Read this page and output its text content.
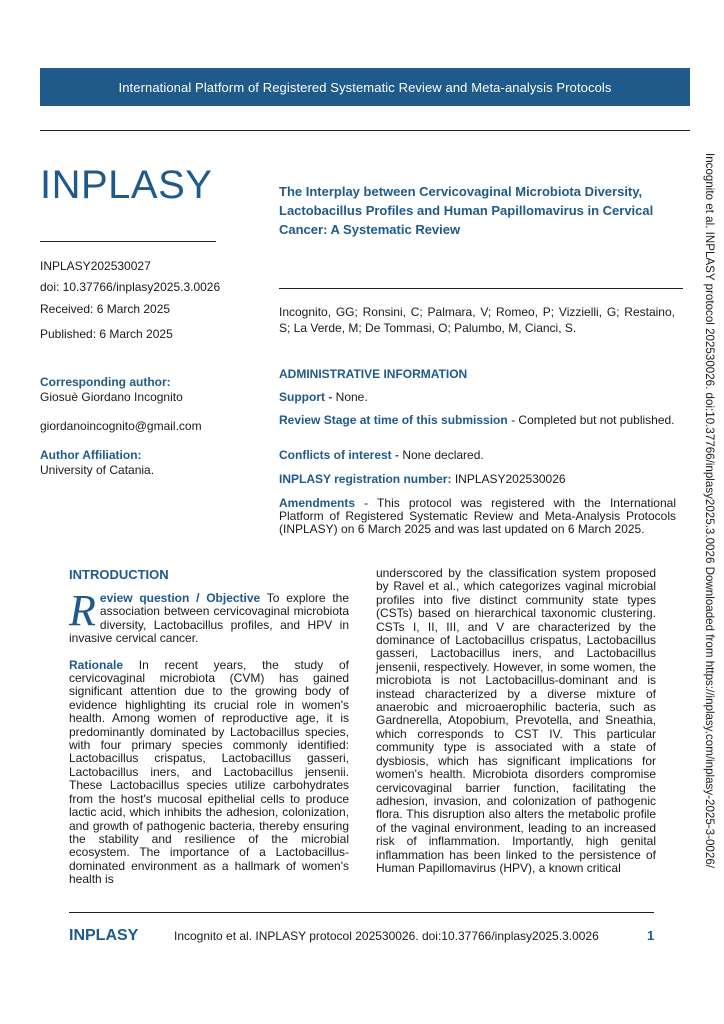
International Platform of Registered Systematic Review and Meta-analysis Protocols
INPLASY	The Interplay between Cervicovaginal Microbiota Diversity, Lactobacillus Profiles and Human Papillomavirus in Cervical Cancer: A Systematic Review
INPLASY202530027
doi: 10.37766/inplasy2025.3.0026
Received: 6 March 2025
Published: 6 March 2025
Incognito, GG; Ronsini, C; Palmara, V; Romeo, P; Vizzielli, G; Restaino, S; La Verde, M; De Tommasi, O; Palumbo, M, Cianci, S.
Corresponding author:
Giosuè Giordano Incognito
giordanoincognito@gmail.com
Author Affiliation:
University of Catania.
ADMINISTRATIVE INFORMATION
Support - None.
Review Stage at time of this submission - Completed but not published.
Conflicts of interest - None declared.
INPLASY registration number: INPLASY202530026
Amendments - This protocol was registered with the International Platform of Registered Systematic Review and Meta-Analysis Protocols (INPLASY) on 6 March 2025 and was last updated on 6 March 2025.	Incognito et al. INPLASY protocol 202530026. doi:10.37766/inplasy2025.3.0026 Downloaded from https://inplasy.com/inplasy-2025-3-0026/
INTRODUCTION
Review question / Objective To explore the association between cervicovaginal microbiota diversity, Lactobacillus profiles, and HPV in invasive cervical cancer.
Rationale In recent years, the study of cervicovaginal microbiota (CVM) has gained significant attention due to the growing body of evidence highlighting its crucial role in women's health. Among women of reproductive age, it is predominantly dominated by Lactobacillus species, with four primary species commonly identified: Lactobacillus crispatus, Lactobacillus gasseri, Lactobacillus iners, and Lactobacillus jensenii. These Lactobacillus species utilize carbohydrates from the host's mucosal epithelial cells to produce lactic acid, which inhibits the adhesion, colonization, and growth of pathogenic bacteria, thereby ensuring the stability and resilience of the microbial ecosystem. The importance of a Lactobacillus-dominated environment as a hallmark of women's health is
underscored by the classification system proposed by Ravel et al., which categorizes vaginal microbial profiles into five distinct community state types (CSTs) based on hierarchical taxonomic clustering. CSTs I, II, III, and V are characterized by the dominance of Lactobacillus crispatus, Lactobacillus gasseri, Lactobacillus iners, and Lactobacillus jensenii, respectively. However, in some women, the microbiota is not Lactobacillus-dominant and is instead characterized by a diverse mixture of anaerobic and microaerophilic bacteria, such as Gardnerella, Atopobium, Prevotella, and Sneathia, which corresponds to CST IV. This particular community type is associated with a state of dysbiosis, which has significant implications for women's health. Microbiota disorders compromise cervicovaginal barrier function, facilitating the adhesion, invasion, and colonization of pathogenic flora. This disruption also alters the metabolic profile of the vaginal environment, leading to an increased risk of inflammation. Importantly, high genital inflammation has been linked to the persistence of Human Papillomavirus (HPV), a known critical
INPLASY	Incognito et al. INPLASY protocol 202530026. doi:10.37766/inplasy2025.3.0026	1
